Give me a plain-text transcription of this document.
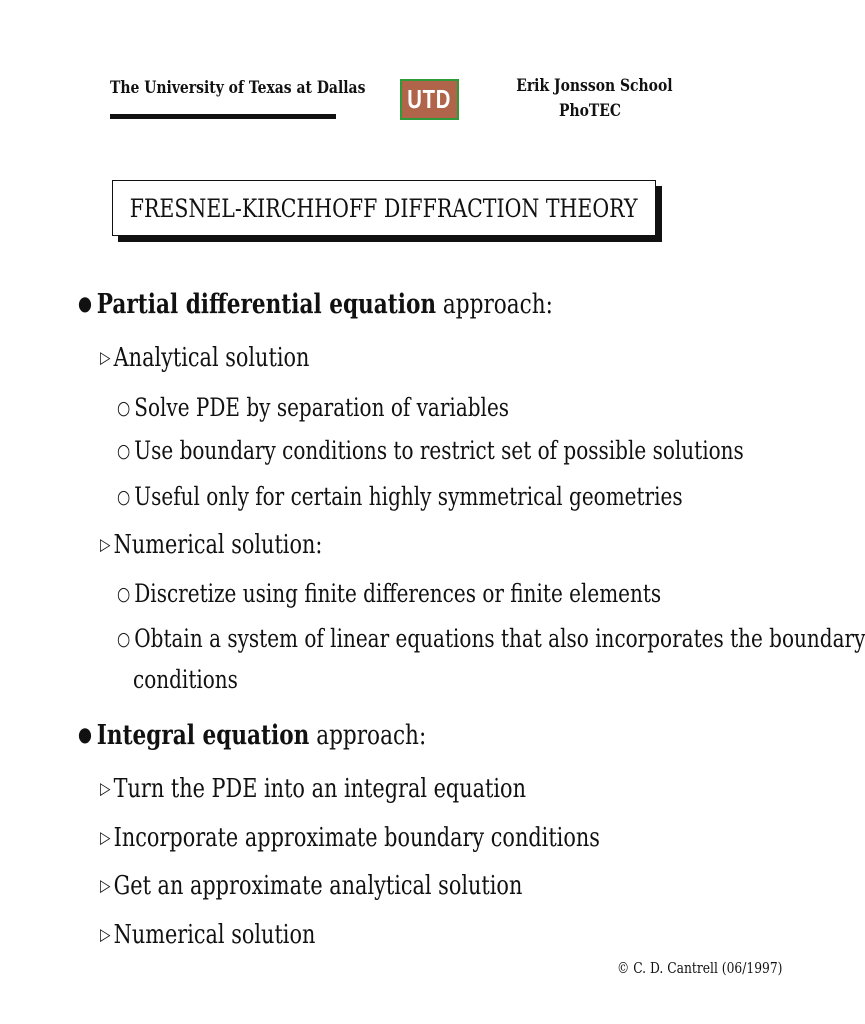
The University of Texas at Dallas UTD	Erik Jonsson School
PhoTEC
FRESNEL-KIRCHHOFF DIFFRACTION THEORY
● Partial differential equation approach:
▷ Analytical solution
○ Solve PDE by separation of variables
○ Use boundary conditions to restrict set of possible solutions
○ Useful only for certain highly symmetrical geometries
▷ Numerical solution:
○ Discretize using finite differences or finite elements
○ Obtain a system of linear equations that also incorporates the boundary
conditions
● Integral equation approach:
▷ Turn the PDE into an integral equation
▷ Incorporate approximate boundary conditions
▷ Get an approximate analytical solution
▷ Numerical solution
© C. D. Cantrell (06/1997)
